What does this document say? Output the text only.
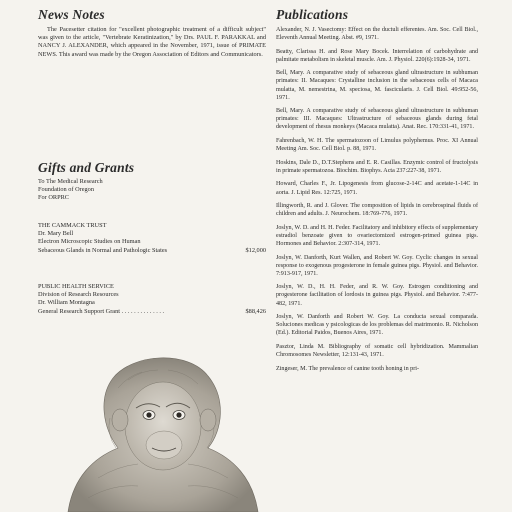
News Notes

The Pacesetter citation for "excellent photographic treatment of a difficult subject" was given to the article, "Vertebrate Keratinization," by Drs. PAUL F. PARAKKAL and NANCY J. ALEXANDER, which appeared in the November, 1971, issue of PRIMATE NEWS. This award was made by the Oregon Association of Editors and Communicators.

Gifts and Grants

To The Medical Research

Foundation of Oregon

For ORPRC

THE CAMMACK TRUST

Dr. Mary Bell

Electron Microscopic Studies on Human

Sebaceous Glands in Normal and Pathologic States	$12,000

PUBLIC HEALTH SERVICE

Division of Research Resources

Dr. William Montagna

General Research Support Grant . . . . . . . . . . . . . .	$88,426
Publications

Alexander, N. J. Vasectomy: Effect on the ductuli efferentes. Am. Soc. Cell Biol., Eleventh Annual Meeting. Abst. #9, 1971.

Beatty, Clarissa H. and Rose Mary Bocek. Interrelation of carbohydrate and palmitate metabolism in skeletal muscle. Am. J. Physiol. 220(6):1928-34, 1971.

Bell, Mary. A comparative study of sebaceous gland ultrastructure in subhuman primates: II. Macaques: Crystalline inclusion in the sebaceous cells of Macaca mulatta, M. nemestrina, M. speciosa, M. fascicularis. J. Cell Biol. 49:952-56, 1971.

Bell, Mary. A comparative study of sebaceous gland ultrastructure in subhuman primates: III. Macaques: Ultrastructure of sebaceous glands during fetal development of rhesus monkeys (Macaca mulatta). Anat. Rec. 170:331-41, 1971.

Fahrenbach, W. H. The spermatozoon of Limulus polyphemus. Proc. XI Annual Meeting Am. Soc. Cell Biol. p. 88, 1971.

Hoskins, Dale D., D.T.Stephens and E. R. Casillas. Enzymic control of fructolysis in primate spermatozoa. Biochim. Biophys. Acta 237:227-38, 1971.

Howard, Charles F., Jr. Lipogenesis from glucose-2-14C and acetate-1-14C in aorta. J. Lipid Res. 12:725, 1971.

Illingworth, R. and J. Glover. The composition of lipids in cerebrospinal fluids of children and adults. J. Neurochem. 18:769-776, 1971.

Joslyn, W. D. and H. H. Feder. Facilitatory and inhibitory effects of supplementary estradiol benzoate given to ovariectomized estrogen-primed guinea pigs. Hormones and Behavior. 2:307-314, 1971.

Joslyn, W. Danforth, Kurt Wallen, and Robert W. Goy. Cyclic changes in sexual response to exogenous progesterone in female guinea pigs. Physiol. and Behavior. 7:913-917, 1971.

Joslyn, W. D., H. H. Feder, and R. W. Goy. Estrogen conditioning and progesterone facilitation of lordosis in guinea pigs. Physiol. and Behavior. 7:477-482, 1971.

Joslyn, W. Danforth and Robert W. Goy. La conducta sexual comparada. Soluciones medicas y psicologicas de los problemas del matrimonio. R. Nicholson (Ed.). Editorial Paidos, Buenos Aires, 1971.

Pasztor, Linda M. Bibliography of somatic cell hybridization. Mammalian Chromosomes Newsletter, 12:131-43, 1971.

Zingeser, M. The prevalence of canine tooth honing in pri-
